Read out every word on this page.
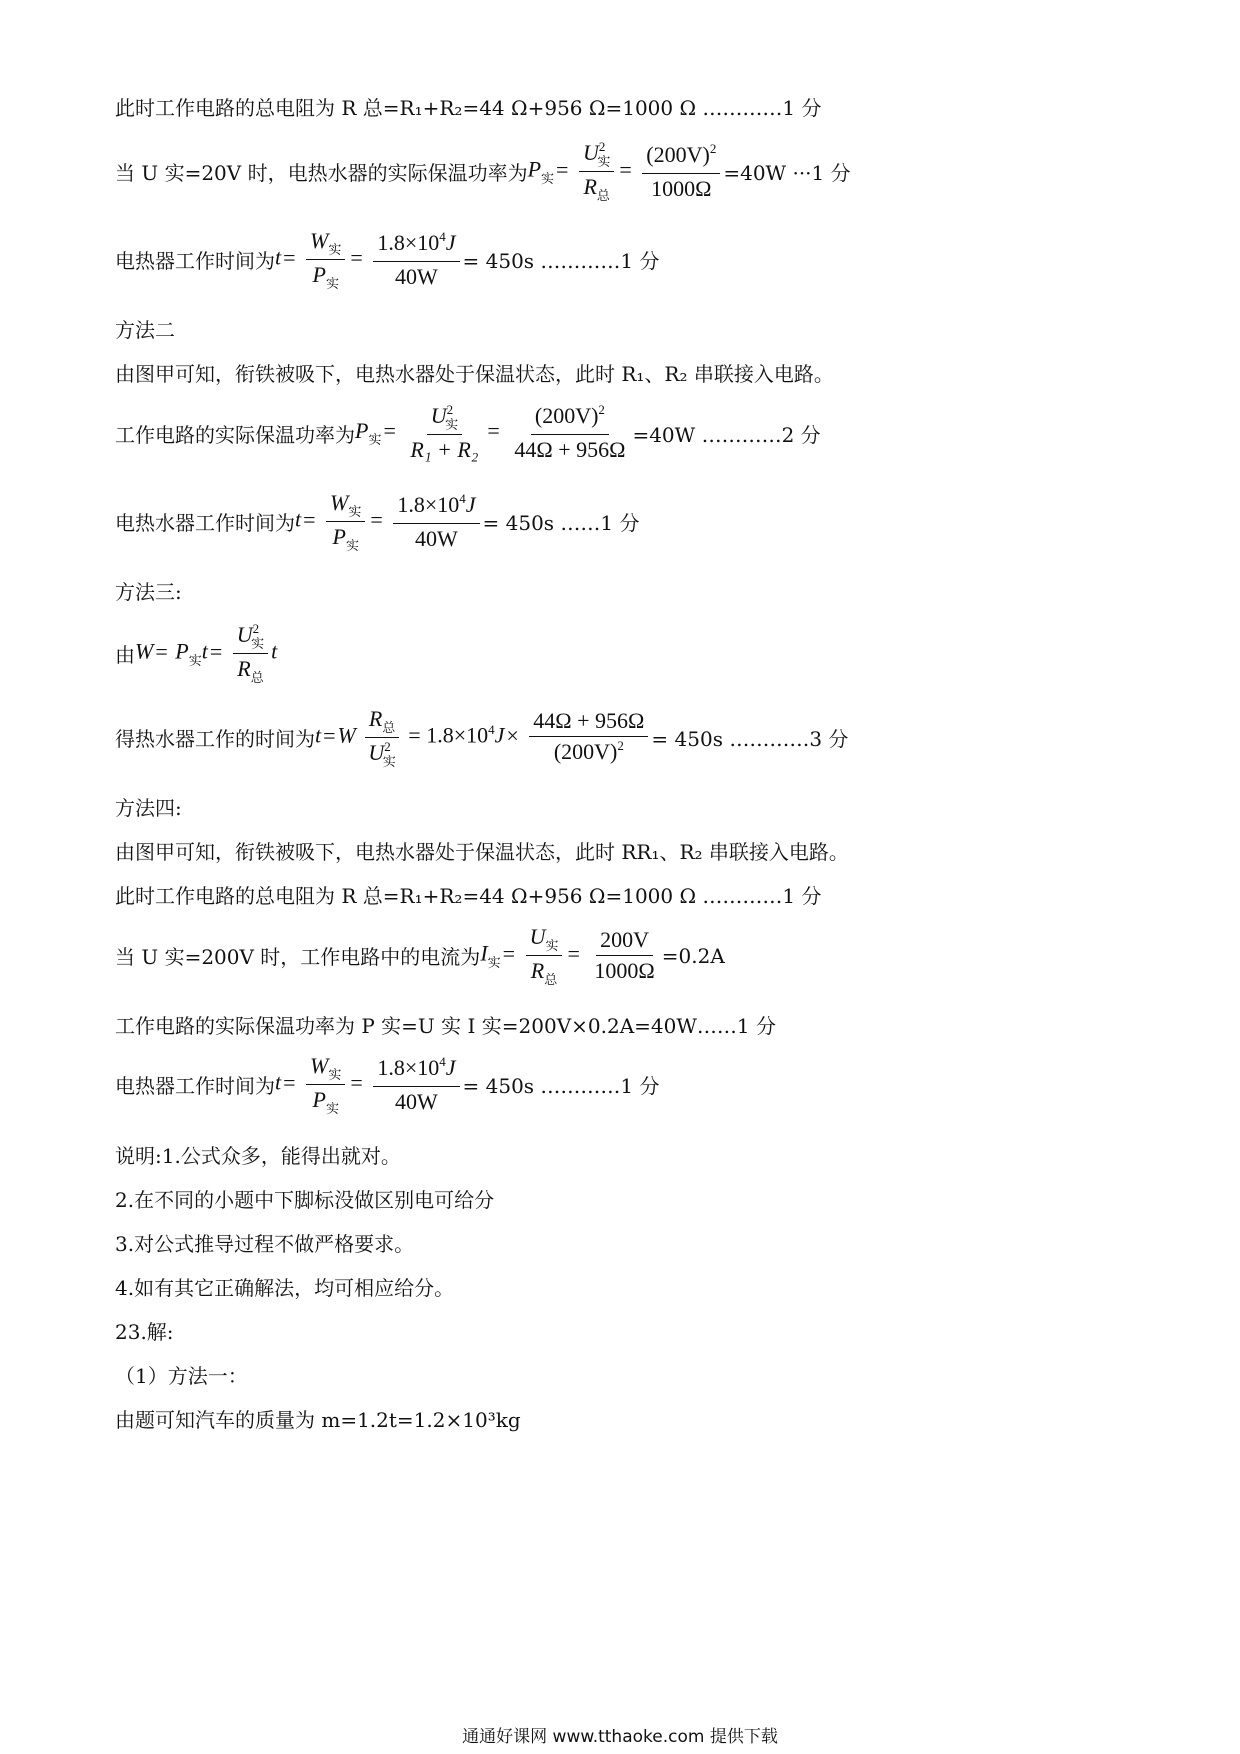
此时工作电路的总电阻为 R 总=R₁+R₂=44 Ω+956 Ω=1000 Ω …………1 分
当 U 实=20V 时，电热水器的实际保温功率为 $P_实= \frac{U^2_实}{R_总} = \frac{(200V)^2}{1000\Omega} =40W \cdot\cdot\cdot 1$ 分
电热器工作时间为 $t= \frac{W_实}{P_实} = \frac{1.8\times 10^4J}{40W} = 450s$ …………1 分
方法二
由图甲可知，衔铁被吸下，电热水器处于保温状态，此时 R₁、R₂ 串联接入电路。
工作电路的实际保温功率为 $P_实= \frac{U^2_实}{\text{R₁ + R₂}} = \frac{(200V)^2}{44\Omega + 956\Omega} =40W$ …………2 分
电热水器工作时间为 $t= \frac{W_实}{P_实} = \frac{1.8\times 10^4J}{40W} = 450s$ ……1 分
方法三:
由 $W= P_实t= \frac{U^2_实}{R_总}$ t
得热水器工作的时间为 $t=W \frac{R_总}{U^2_实} = 1.8\times 10^4J\times \frac{44\Omega + 956\Omega}{(200V)^2} = 450s$ …………3 分
方法四:
由图甲可知，衔铁被吸下，电热水器处于保温状态，此时 RR₁、R₂ 串联接入电路。
此时工作电路的总电阻为 R 总=R₁+R₂=44 Ω+956 Ω=1000 Ω …………1 分
当 U 实=200V 时，工作电路中的电流为 $I_实= \frac{U_实}{R_总} = \frac{200V}{1000\Omega} =0.2A$
工作电路的实际保温功率为 P 实=U 实 I 实=200V×0.2A=40W……1 分
电热器工作时间为 $t= \frac{W_实}{P_实} = \frac{1.8\times 10^4J}{40W} = 450s$ …………1 分
说明:1.公式众多，能得出就对。
2.在不同的小题中下脚标没做区别电可给分
3.对公式推导过程不做严格要求。
4.如有其它正确解法，均可相应给分。
23.解:
（1）方法一：
由题可知汽车的质量为 m=1.2t=1.2×10³kg
通通好课网 www.tthaoke.com 提供下载
